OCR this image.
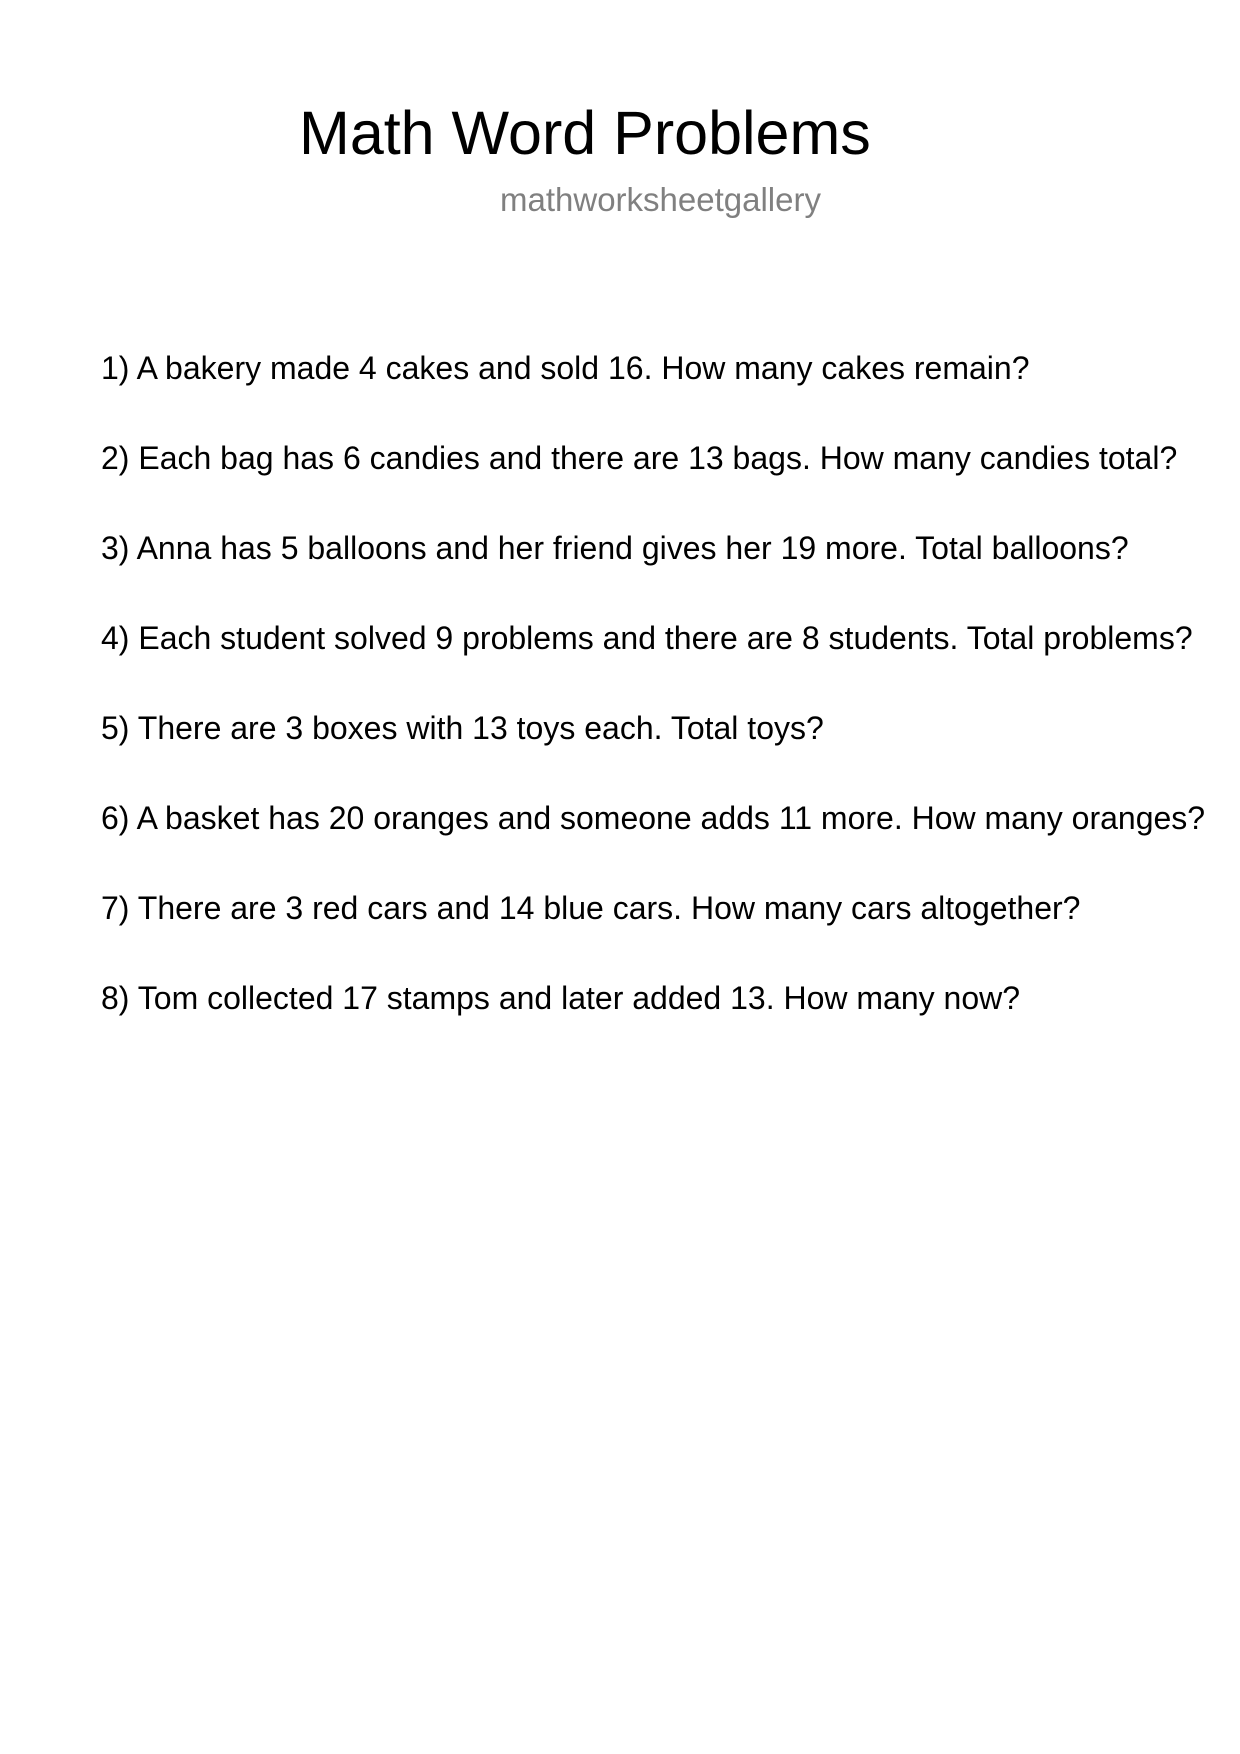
Math Word Problems
mathworksheetgallery
1) A bakery made 4 cakes and sold 16. How many cakes remain?
2) Each bag has 6 candies and there are 13 bags. How many candies total?
3) Anna has 5 balloons and her friend gives her 19 more. Total balloons?
4) Each student solved 9 problems and there are 8 students. Total problems?
5) There are 3 boxes with 13 toys each. Total toys?
6) A basket has 20 oranges and someone adds 11 more. How many oranges?
7) There are 3 red cars and 14 blue cars. How many cars altogether?
8) Tom collected 17 stamps and later added 13. How many now?
